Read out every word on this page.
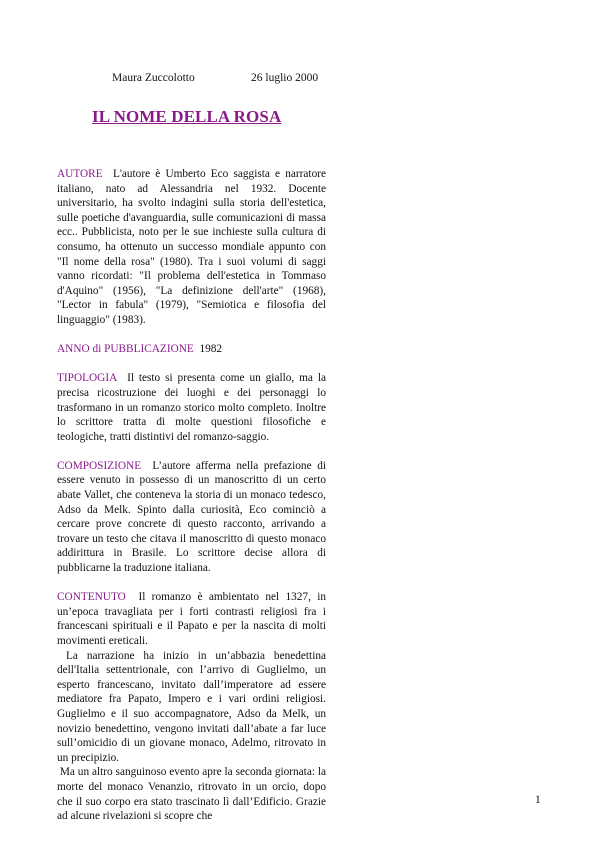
Maura Zuccolotto	26 luglio 2000
IL NOME DELLA ROSA
AUTORE L'autore è Umberto Eco saggista e narratore italiano, nato ad Alessandria nel 1932. Docente universitario, ha svolto indagini sulla storia dell'estetica, sulle poetiche d'avanguardia, sulle comunicazioni di massa ecc.. Pubblicista, noto per le sue inchieste sulla cultura di consumo, ha ottenuto un successo mondiale appunto con "Il nome della rosa" (1980). Tra i suoi volumi di saggi vanno ricordati: "Il problema dell'estetica in Tommaso d'Aquino" (1956), "La definizione dell'arte" (1968), "Lector in fabula" (1979), "Semiotica e filosofia del linguaggio" (1983).
ANNO di PUBBLICAZIONE 1982
TIPOLOGIA Il testo si presenta come un giallo, ma la precisa ricostruzione dei luoghi e dei personaggi lo trasformano in un romanzo storico molto completo. Inoltre lo scrittore tratta di molte questioni filosofiche e teologiche, tratti distintivi del romanzo-saggio.
COMPOSIZIONE L’autore afferma nella prefazione di essere venuto in possesso di un manoscritto di un certo abate Vallet, che conteneva la storia di un monaco tedesco, Adso da Melk. Spinto dalla curiosità, Eco cominciò a cercare prove concrete di questo racconto, arrivando a trovare un testo che citava il manoscritto di questo monaco addirittura in Brasile. Lo scrittore decise allora di pubblicarne la traduzione italiana.

CONTENUTO Il romanzo è ambientato nel 1327, in un’epoca travagliata per i forti contrasti religiosi fra i francescani spirituali e il Papato e per la nascita di molti movimenti ereticali.

La narrazione ha inizio in un’abbazia benedettina dell'Italia settentrionale, con l’arrivo di Guglielmo, un esperto francescano, invitato dall’imperatore ad essere mediatore fra Papato, Impero e i vari ordini religiosi. Guglielmo e il suo accompagnatore, Adso da Melk, un novizio benedettino, vengono invitati dall’abate a far luce sull’omicidio di un giovane monaco, Adelmo, ritrovato in un precipizio.

Ma un altro sanguinoso evento apre la seconda giornata: la morte del monaco Venanzio, ritrovato in un orcio, dopo che il suo corpo era stato trascinato lì dall’Edificio. Grazie ad alcune rivelazioni si scopre che

1
